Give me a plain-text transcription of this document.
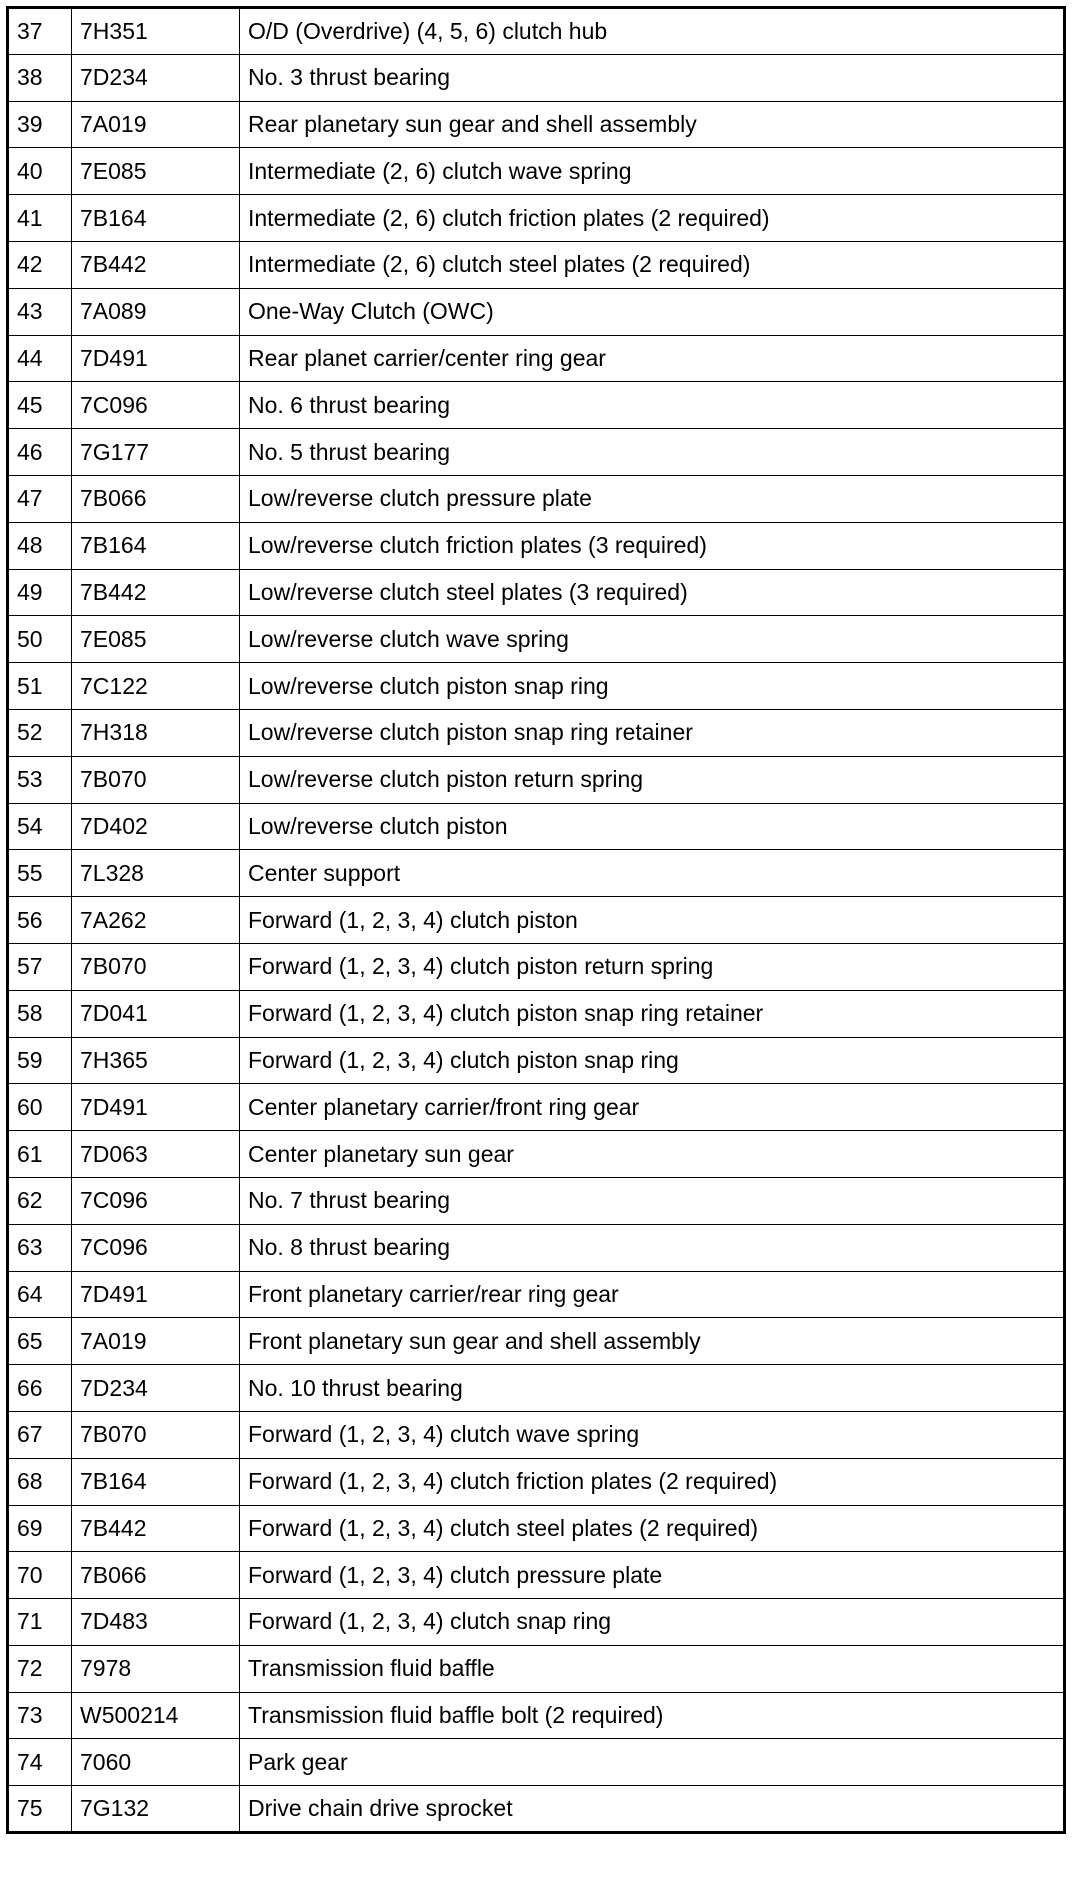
37	7H351	O/D (Overdrive) (4, 5, 6) clutch hub
38	7D234	No. 3 thrust bearing
39	7A019	Rear planetary sun gear and shell assembly
40	7E085	Intermediate (2, 6) clutch wave spring
41	7B164	Intermediate (2, 6) clutch friction plates (2 required)
42	7B442	Intermediate (2, 6) clutch steel plates (2 required)
43	7A089	One-Way Clutch (OWC)
44	7D491	Rear planet carrier/center ring gear
45	7C096	No. 6 thrust bearing
46	7G177	No. 5 thrust bearing
47	7B066	Low/reverse clutch pressure plate
48	7B164	Low/reverse clutch friction plates (3 required)
49	7B442	Low/reverse clutch steel plates (3 required)
50	7E085	Low/reverse clutch wave spring
51	7C122	Low/reverse clutch piston snap ring
52	7H318	Low/reverse clutch piston snap ring retainer
53	7B070	Low/reverse clutch piston return spring
54	7D402	Low/reverse clutch piston
55	7L328	Center support
56	7A262	Forward (1, 2, 3, 4) clutch piston
57	7B070	Forward (1, 2, 3, 4) clutch piston return spring
58	7D041	Forward (1, 2, 3, 4) clutch piston snap ring retainer
59	7H365	Forward (1, 2, 3, 4) clutch piston snap ring
60	7D491	Center planetary carrier/front ring gear
61	7D063	Center planetary sun gear
62	7C096	No. 7 thrust bearing
63	7C096	No. 8 thrust bearing
64	7D491	Front planetary carrier/rear ring gear
65	7A019	Front planetary sun gear and shell assembly
66	7D234	No. 10 thrust bearing
67	7B070	Forward (1, 2, 3, 4) clutch wave spring
68	7B164	Forward (1, 2, 3, 4) clutch friction plates (2 required)
69	7B442	Forward (1, 2, 3, 4) clutch steel plates (2 required)
70	7B066	Forward (1, 2, 3, 4) clutch pressure plate
71	7D483	Forward (1, 2, 3, 4) clutch snap ring
72	7978	Transmission fluid baffle
73	W500214	Transmission fluid baffle bolt (2 required)
74	7060	Park gear
75	7G132	Drive chain drive sprocket
